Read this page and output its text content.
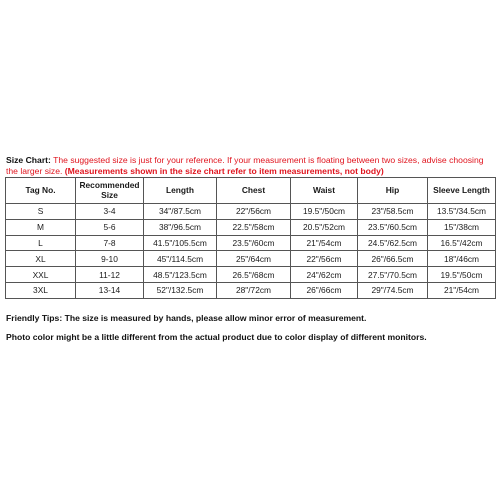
Size Chart: The suggested size is just for your reference. If your measurement is floating between two sizes, advise choosing the larger size. (Measurements shown in the size chart refer to item measurements, not body)
Tag No.	Recommended Size	Length	Chest	Waist	Hip	Sleeve Length
S	3-4	34"/87.5cm	22"/56cm	19.5"/50cm	23"/58.5cm	13.5"/34.5cm
M	5-6	38"/96.5cm	22.5"/58cm	20.5"/52cm	23.5"/60.5cm	15"/38cm
L	7-8	41.5"/105.5cm	23.5"/60cm	21"/54cm	24.5"/62.5cm	16.5"/42cm
XL	9-10	45"/114.5cm	25"/64cm	22"/56cm	26"/66.5cm	18"/46cm
XXL	11-12	48.5"/123.5cm	26.5"/68cm	24"/62cm	27.5"/70.5cm	19.5"/50cm
3XL	13-14	52"/132.5cm	28"/72cm	26"/66cm	29"/74.5cm	21"/54cm
Friendly Tips: The size is measured by hands, please allow minor error of measurement.
Photo color might be a little different from the actual product due to color display of different monitors.
